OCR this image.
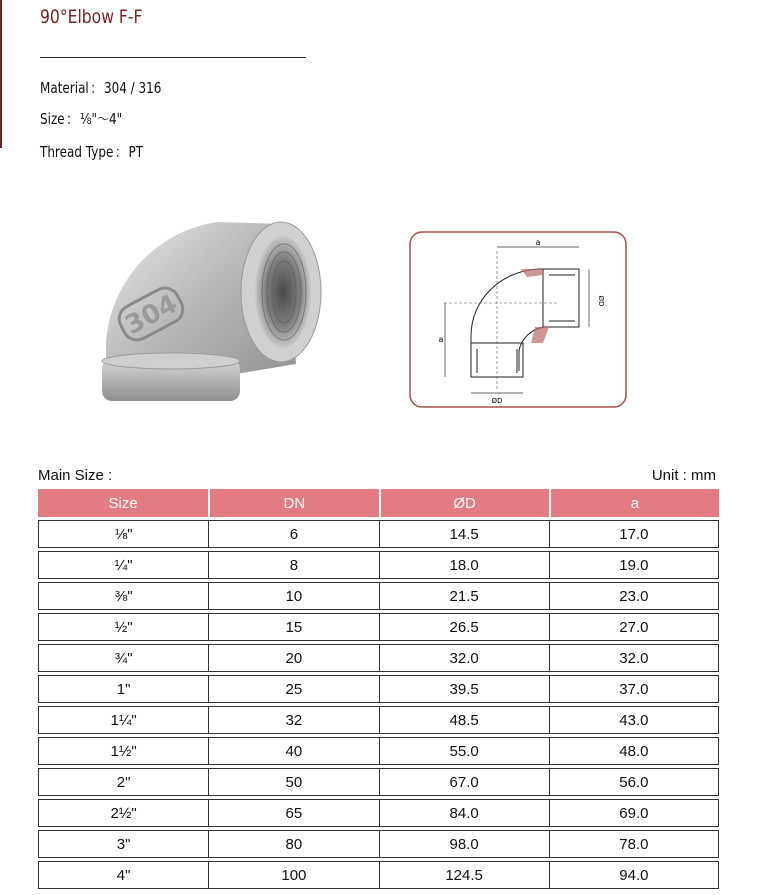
90°Elbow F-F
Material ： 304 / 316
Size ： ⅛"～4"
Thread Type ： PT
304
a
a
ØD
ØD
Main Size :	Unit : mm
Size	DN	ØD	a
⅛"	6	14.5	17.0
¼"	8	18.0	19.0
⅜"	10	21.5	23.0
½"	15	26.5	27.0
¾"	20	32.0	32.0
1"	25	39.5	37.0
1¼"	32	48.5	43.0
1½"	40	55.0	48.0
2"	50	67.0	56.0
2½"	65	84.0	69.0
3"	80	98.0	78.0
4"	100	124.5	94.0
